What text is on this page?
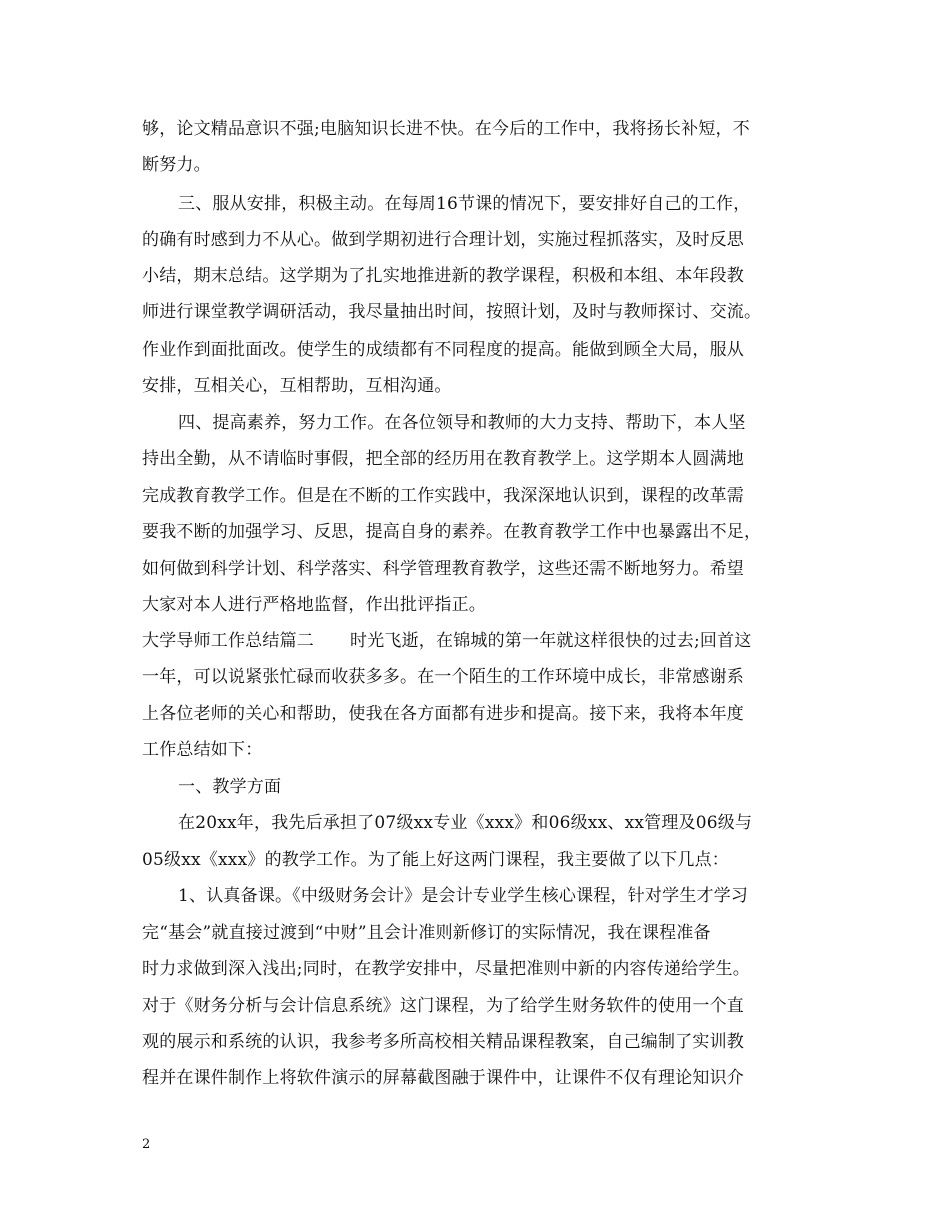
够，论文精品意识不强;电脑知识长进不快。在今后的工作中，我将扬长补短，不
断努力。
三、服从安排，积极主动。在每周16节课的情况下，要安排好自己的工作，
的确有时感到力不从心。做到学期初进行合理计划，实施过程抓落实，及时反思
小结，期末总结。这学期为了扎实地推进新的教学课程，积极和本组、本年段教
师进行课堂教学调研活动，我尽量抽出时间，按照计划，及时与教师探讨、交流。
作业作到面批面改。使学生的成绩都有不同程度的提高。能做到顾全大局，服从
安排，互相关心，互相帮助，互相沟通。
四、提高素养，努力工作。在各位领导和教师的大力支持、帮助下，本人坚
持出全勤，从不请临时事假，把全部的经历用在教育教学上。这学期本人圆满地
完成教育教学工作。但是在不断的工作实践中，我深深地认识到，课程的改革需
要我不断的加强学习、反思，提高自身的素养。在教育教学工作中也暴露出不足，
如何做到科学计划、科学落实、科学管理教育教学，这些还需不断地努力。希望
大家对本人进行严格地监督，作出批评指正。
大学导师工作总结篇二 时光飞逝，在锦城的第一年就这样很快的过去;回首这
一年，可以说紧张忙碌而收获多多。在一个陌生的工作环境中成长，非常感谢系
上各位老师的关心和帮助，使我在各方面都有进步和提高。接下来，我将本年度
工作总结如下：
一、教学方面
在20xx年，我先后承担了07级xx专业《xxx》和06级xx、xx管理及06级与
05级xx《xxx》的教学工作。为了能上好这两门课程，我主要做了以下几点：
1、认真备课。《中级财务会计》是会计专业学生核心课程，针对学生才学习
完“基会”就直接过渡到“中财”且会计准则新修订的实际情况，我在课程准备
时力求做到深入浅出;同时，在教学安排中，尽量把准则中新的内容传递给学生。
对于《财务分析与会计信息系统》这门课程，为了给学生财务软件的使用一个直
观的展示和系统的认识，我参考多所高校相关精品课程教案，自己编制了实训教
程并在课件制作上将软件演示的屏幕截图融于课件中，让课件不仅有理论知识介
2
